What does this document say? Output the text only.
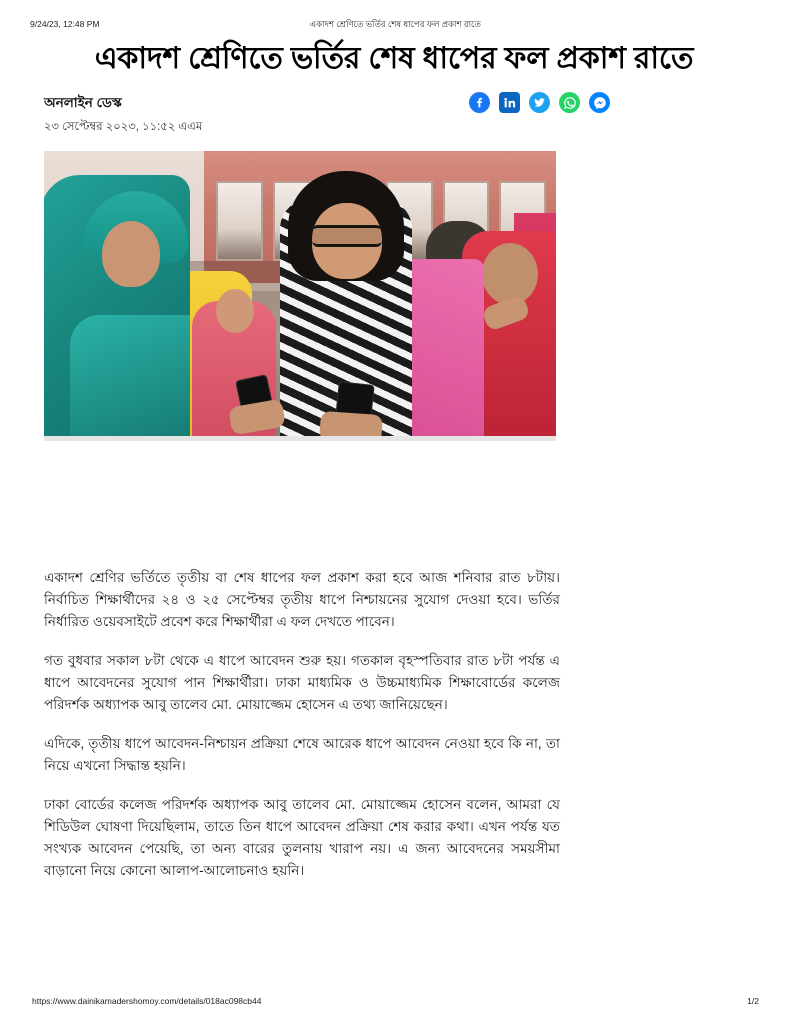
9/24/23, 12:48 PM	একাদশ শ্রেণিতে ভর্তির শেষ ধাপের ফল প্রকাশ রাতে
একাদশ শ্রেণিতে ভর্তির শেষ ধাপের ফল প্রকাশ রাতে
অনলাইন ডেস্ক
২৩ সেপ্টেম্বর ২০২৩, ১১:৫২ এএম

একাদশ শ্রেণির ভর্তিতে তৃতীয় বা শেষ ধাপের ফল প্রকাশ করা হবে আজ শনিবার রাত ৮টায়। নির্বাচিত শিক্ষার্থীদের ২৪ ও ২৫ সেপ্টেম্বর তৃতীয় ধাপে নিশ্চায়নের সুযোগ দেওয়া হবে। ভর্তির নির্ধারিত ওয়েবসাইটে প্রবেশ করে শিক্ষার্থীরা এ ফল দেখতে পাবেন।

গত বুধবার সকাল ৮টা থেকে এ ধাপে আবেদন শুরু হয়। গতকাল বৃহস্পতিবার রাত ৮টা পর্যন্ত এ ধাপে আবেদনের সুযোগ পান শিক্ষার্থীরা। ঢাকা মাধ্যমিক ও উচ্চমাধ্যমিক শিক্ষাবোর্ডের কলেজ পরিদর্শক অধ্যাপক আবু তালেব মো. মোয়াজ্জেম হোসেন এ তথ্য জানিয়েছেন।

এদিকে, তৃতীয় ধাপে আবেদন-নিশ্চায়ন প্রক্রিয়া শেষে আরেক ধাপে আবেদন নেওয়া হবে কি না, তা নিয়ে এখনো সিদ্ধান্ত হয়নি।

ঢাকা বোর্ডের কলেজ পরিদর্শক অধ্যাপক আবু তালেব মো. মোয়াজ্জেম হোসেন বলেন, আমরা যে শিডিউল ঘোষণা দিয়েছিলাম, তাতে তিন ধাপে আবেদন প্রক্রিয়া শেষ করার কথা। এখন পর্যন্ত যত সংখ্যক আবেদন পেয়েছি, তা অন্য বারের তুলনায় খারাপ নয়। এ জন্য আবেদনের সময়সীমা বাড়ানো নিয়ে কোনো আলাপ-আলোচনাও হয়নি।

https://www.dainikamadershomoy.com/details/018ac098cb44	1/2
